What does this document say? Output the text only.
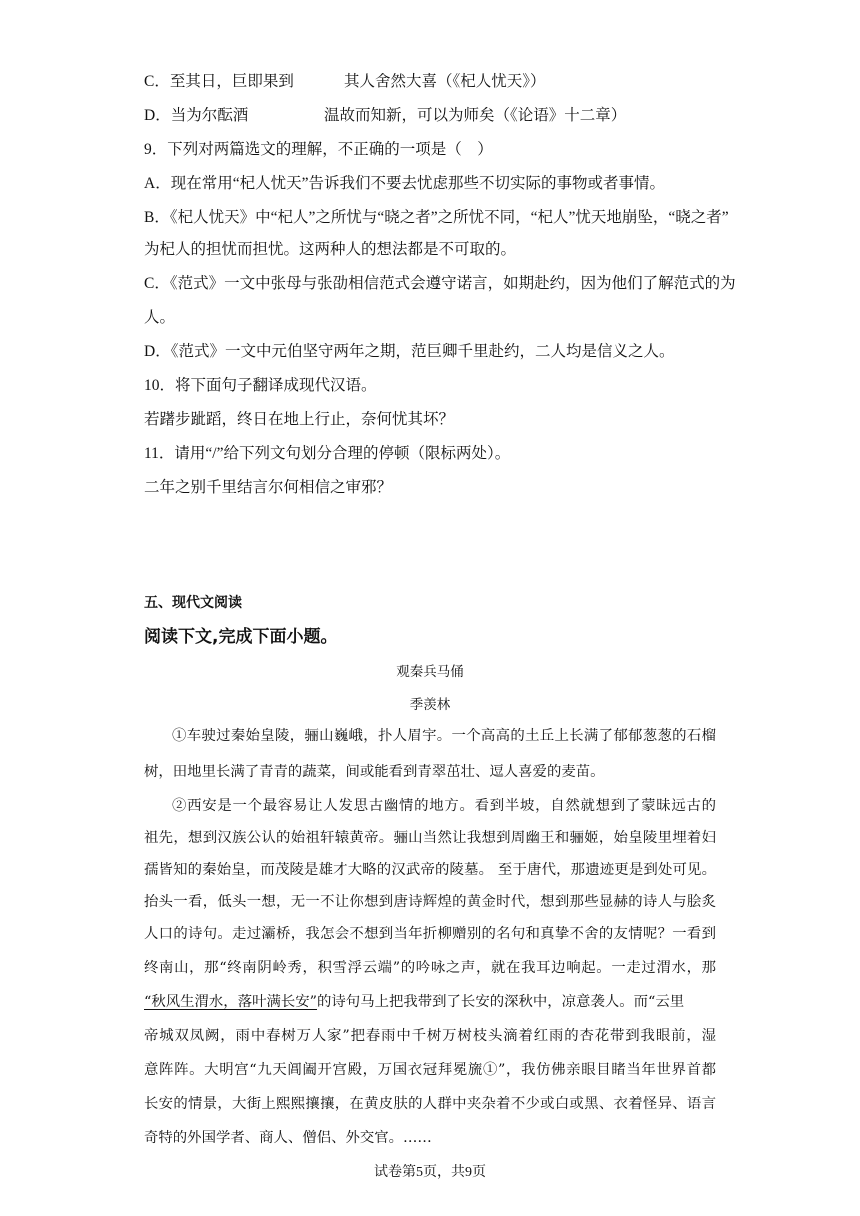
C．至其日，巨即果到	其人舍然大喜（《杞人忧天》）
D．当为尔酝酒	温故而知新，可以为师矣（《论语》十二章）
9．下列对两篇选文的理解，不正确的一项是（　）
A．现在常用“杞人忧天”告诉我们不要去忧虑那些不切实际的事物或者事情。
B．《杞人忧天》中“杞人”之所忧与“晓之者”之所忧不同，“杞人”忧天地崩坠，“晓之者”
为杞人的担忧而担忧。这两种人的想法都是不可取的。
C．《范式》一文中张母与张劭相信范式会遵守诺言，如期赴约，因为他们了解范式的为
人。
D．《范式》一文中元伯坚守两年之期，范巨卿千里赴约，二人均是信义之人。
10．将下面句子翻译成现代汉语。
若躇步跐蹈，终日在地上行止，奈何忧其坏？
11．请用“/”给下列文句划分合理的停顿（限标两处）。
二年之别千里结言尔何相信之审邪？
五、现代文阅读
阅读下文,完成下面小题。
观秦兵马俑
季羡林
①车驶过秦始皇陵，骊山巍峨，扑人眉宇。一个高高的土丘上长满了郁郁葱葱的石榴
树，田地里长满了青青的蔬菜，间或能看到青翠茁壮、逗人喜爱的麦苗。
②西安是一个最容易让人发思古幽情的地方。看到半坡，自然就想到了蒙昧远古的
祖先，想到汉族公认的始祖轩辕黄帝。骊山当然让我想到周幽王和骊姬，始皇陵里埋着妇
孺皆知的秦始皇，而茂陵是雄才大略的汉武帝的陵墓。 至于唐代，那遗迹更是到处可见。
抬头一看，低头一想，无一不让你想到唐诗辉煌的黄金时代，想到那些显赫的诗人与脍炙
人口的诗句。走过灞桥，我怎会不想到当年折柳赠别的名句和真挚不舍的友情呢？一看到
终南山，那“终南阴岭秀，积雪浮云端”的吟咏之声，就在我耳边响起。一走过渭水，那
“秋风生渭水，落叶满长安”的诗句马上把我带到了长安的深秋中，凉意袭人。而“云里
帝城双凤阙，雨中春树万人家”把春雨中千树万树枝头滴着红雨的杏花带到我眼前，湿
意阵阵。大明宫“九天阊阖开宫殿，万国衣冠拜冕旒①”，我仿佛亲眼目睹当年世界首都
长安的情景，大街上熙熙攘攘，在黄皮肤的人群中夹杂着不少或白或黑、衣着怪异、语言
奇特的外国学者、商人、僧侣、外交官。……
试卷第5页，共9页
